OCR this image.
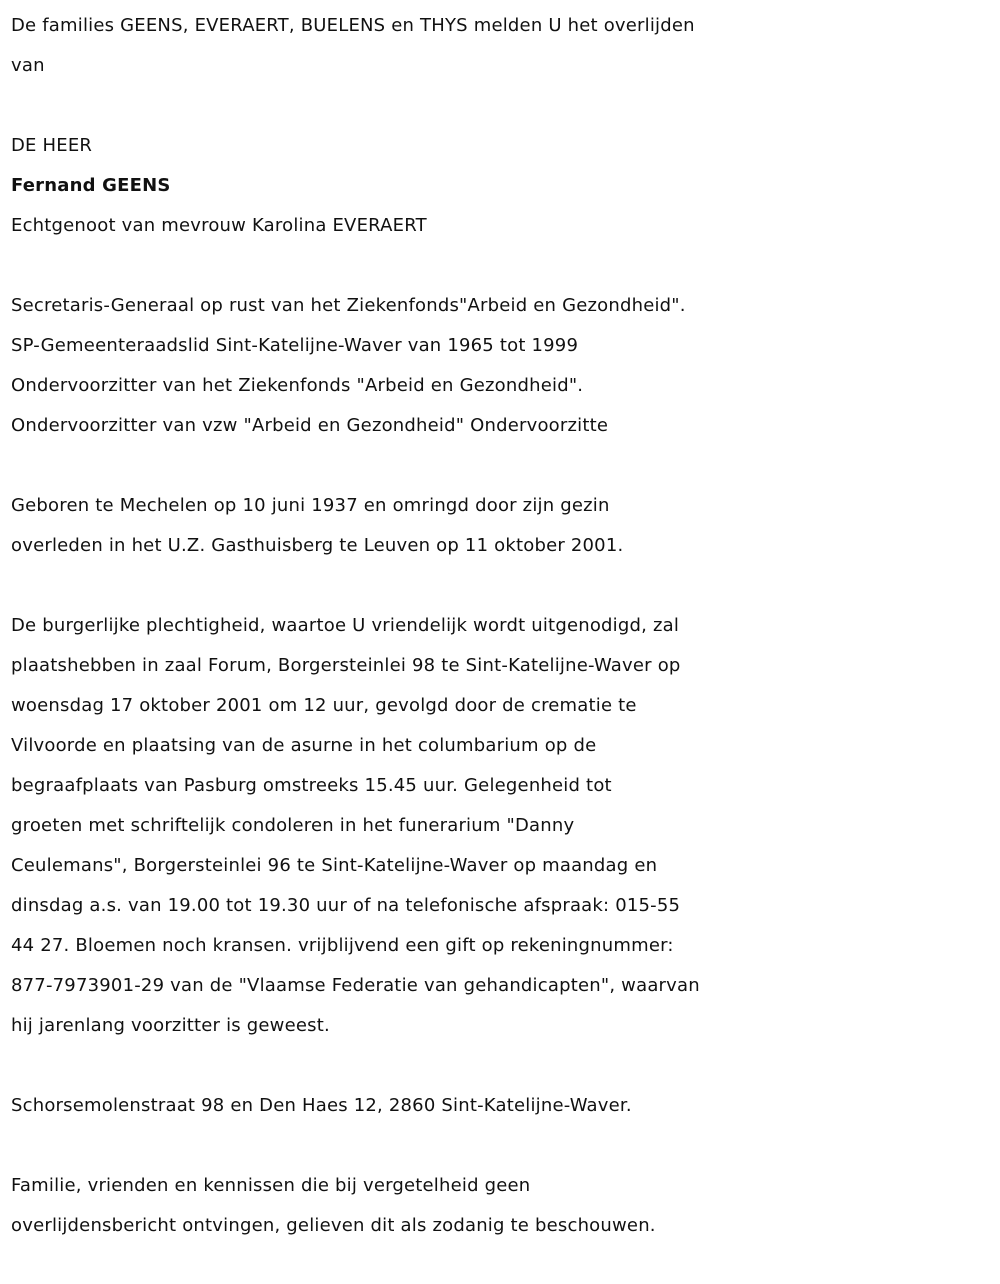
De families GEENS, EVERAERT, BUELENS en THYS melden U het overlijden
van
DE HEER
Fernand GEENS
Echtgenoot van mevrouw Karolina EVERAERT
Secretaris-Generaal op rust van het Ziekenfonds"Arbeid en Gezondheid".
SP-Gemeenteraadslid Sint-Katelijne-Waver van 1965 tot 1999
Ondervoorzitter van het Ziekenfonds "Arbeid en Gezondheid".
Ondervoorzitter van vzw "Arbeid en Gezondheid" Ondervoorzitte
Geboren te Mechelen op 10 juni 1937 en omringd door zijn gezin
overleden in het U.Z. Gasthuisberg te Leuven op 11 oktober 2001.
De burgerlijke plechtigheid, waartoe U vriendelijk wordt uitgenodigd, zal
plaatshebben in zaal Forum, Borgersteinlei 98 te Sint-Katelijne-Waver op
woensdag 17 oktober 2001 om 12 uur, gevolgd door de crematie te
Vilvoorde en plaatsing van de asurne in het columbarium op de
begraafplaats van Pasburg omstreeks 15.45 uur. Gelegenheid tot
groeten met schriftelijk condoleren in het funerarium "Danny
Ceulemans", Borgersteinlei 96 te Sint-Katelijne-Waver op maandag en
dinsdag a.s. van 19.00 tot 19.30 uur of na telefonische afspraak: 015-55
44 27. Bloemen noch kransen. vrijblijvend een gift op rekeningnummer:
877-7973901-29 van de "Vlaamse Federatie van gehandicapten", waarvan
hij jarenlang voorzitter is geweest.
Schorsemolenstraat 98 en Den Haes 12, 2860 Sint-Katelijne-Waver.
Familie, vrienden en kennissen die bij vergetelheid geen
overlijdensbericht ontvingen, gelieven dit als zodanig te beschouwen.
